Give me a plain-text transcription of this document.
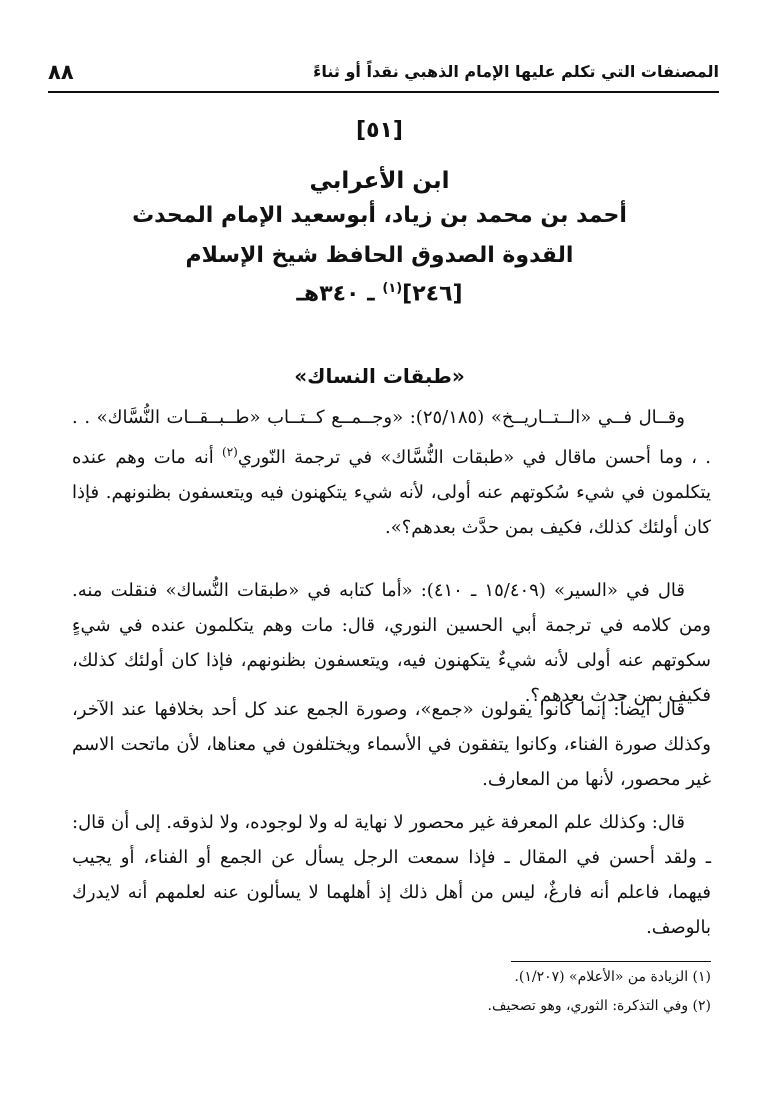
المصنفات التي تكلم عليها الإمام الذهبي نقداً أو ثناءً
٨٨
[٥١]
ابن الأعرابي
أحمد بن محمد بن زياد، أبوسعيد الإمام المحدث
القدوة الصدوق الحافظ شيخ الإسلام
[٢٤٦]$^{(١)}$ ـ ٣٤٠هـ
«طبقات النساك»
وقــال فــي «الــتــاريــخ» (٢٥/١٨٥): «وجــمــع كــتــاب «طــبــقــات النُّسَّاك» . . . ، وما أحسن ماقال في «طبقات النُّسَّاك» في ترجمة النّوري$^{(٢)}$ أنه مات وهم عنده يتكلمون في شيء سُكوتهم عنه أولى، لأنه شيء يتكهنون فيه ويتعسفون بظنونهم. فإذا كان أولئك كذلك، فكيف بمن حدَّث بعدهم؟».
قال في «السير» (١٥/٤٠٩ ـ ٤١٠): «أما كتابه في «طبقات النُّساك» فنقلت منه. ومن كلامه في ترجمة أبي الحسين النوري، قال: مات وهم يتكلمون عنده في شيءٍ سكوتهم عنه أولى لأنه شيءٌ يتكهنون فيه، ويتعسفون بظنونهم، فإذا كان أولئك كذلك، فكيف بمن حدث بعدهم؟.
قال أيضاً: إنما كانوا يقولون «جمع»، وصورة الجمع عند كل أحد بخلافها عند الآخر، وكذلك صورة الفناء، وكانوا يتفقون في الأسماء ويختلفون في معناها، لأن ماتحت الاسم غير محصور، لأنها من المعارف.
قال: وكذلك علم المعرفة غير محصور لا نهاية له ولا لوجوده، ولا لذوقه. إلى أن قال: ـ ولقد أحسن في المقال ـ فإذا سمعت الرجل يسأل عن الجمع أو الفناء، أو يجيب فيهما، فاعلم أنه فارغٌ، ليس من أهل ذلك إذ أهلهما لا يسألون عنه لعلمهم أنه لايدرك بالوصف.
(١) الزيادة من «الأعلام» (١/٢٠٧).
(٢) وفي التذكرة: الثوري، وهو تصحيف.
